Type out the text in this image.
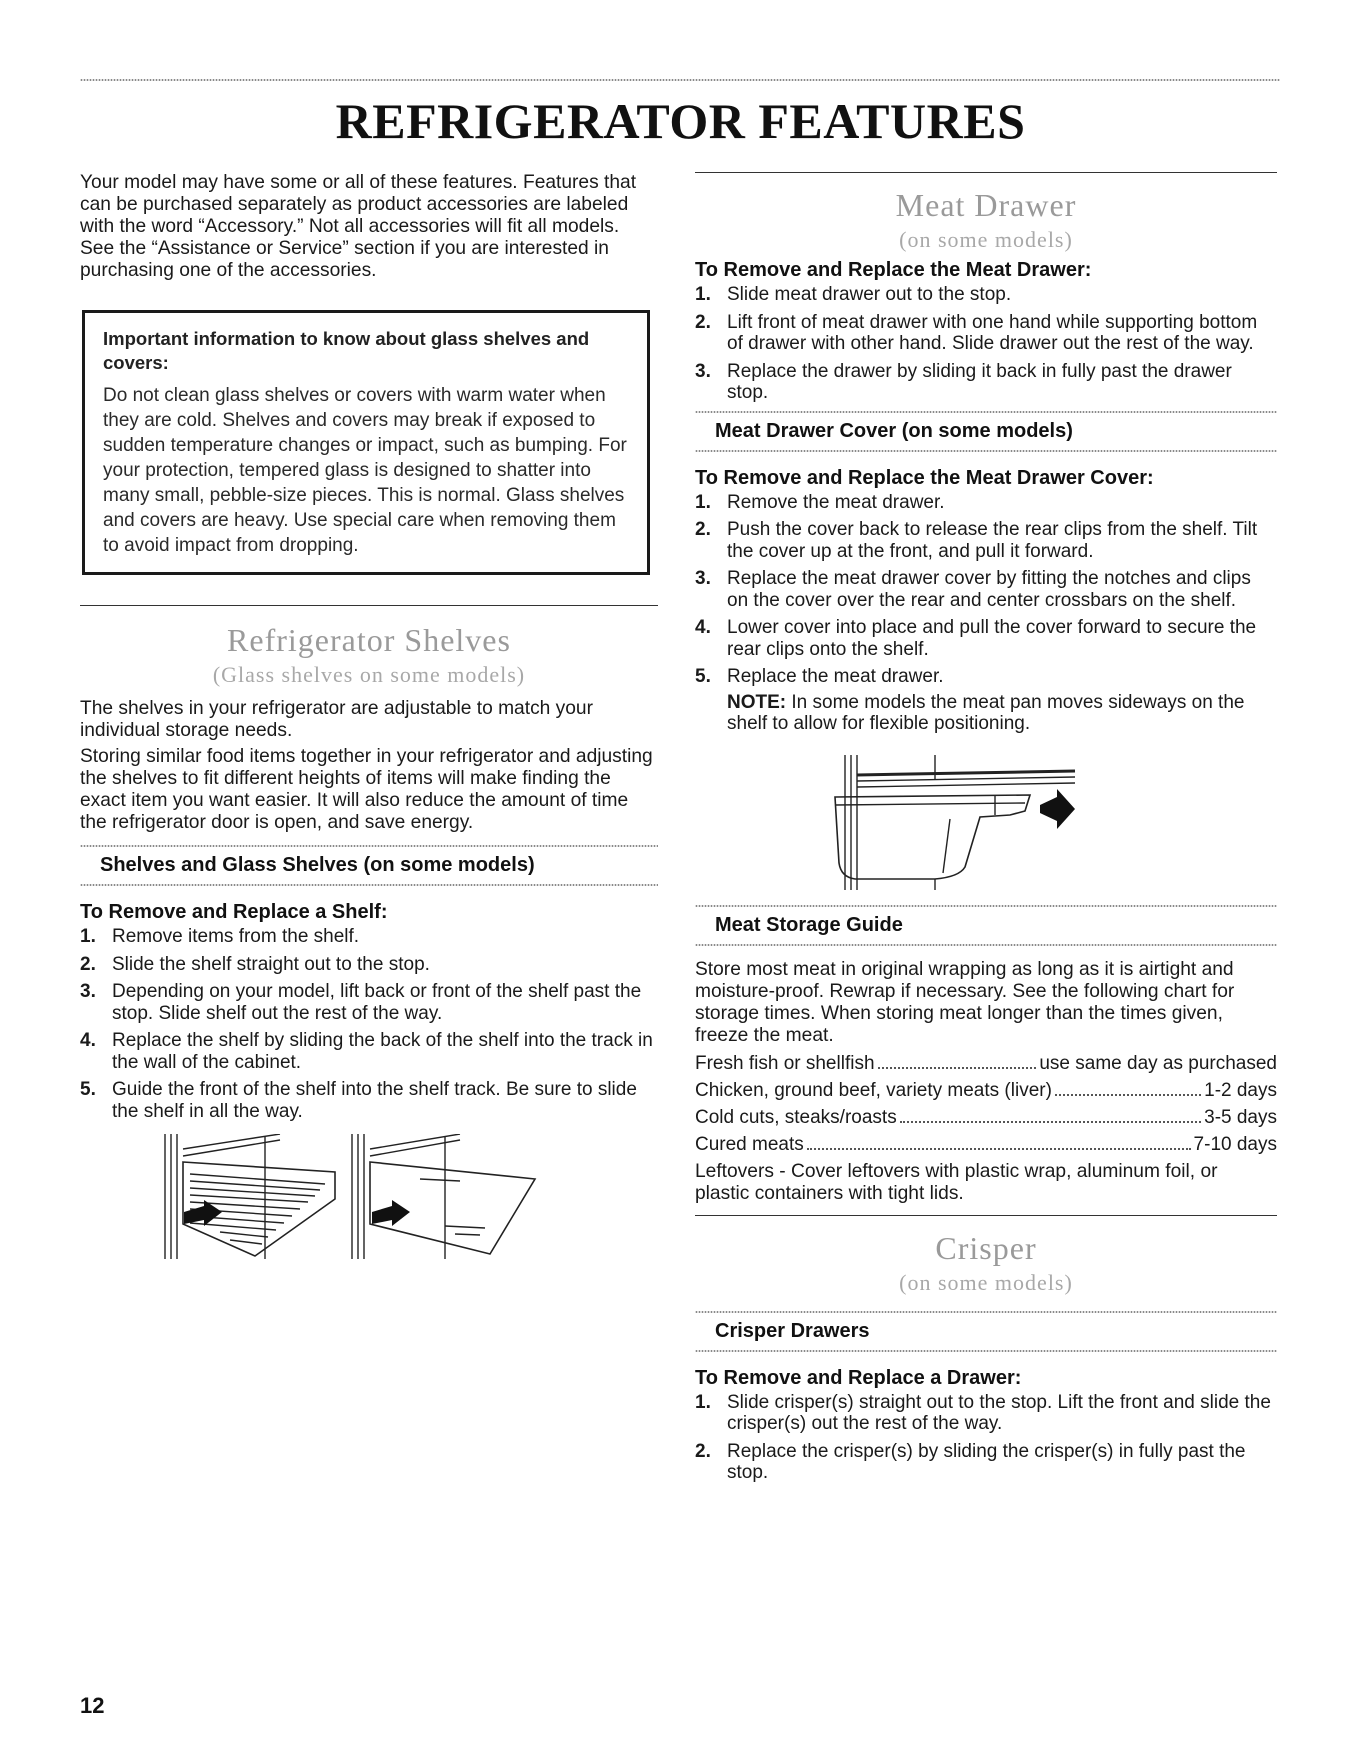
REFRIGERATOR FEATURES

Your model may have some or all of these features. Features that can be purchased separately as product accessories are labeled with the word “Accessory.” Not all accessories will fit all models. See the “Assistance or Service” section if you are interested in purchasing one of the accessories.

Important information to know about glass shelves and covers:
Do not clean glass shelves or covers with warm water when they are cold. Shelves and covers may break if exposed to sudden temperature changes or impact, such as bumping. For your protection, tempered glass is designed to shatter into many small, pebble-size pieces. This is normal. Glass shelves and covers are heavy. Use special care when removing them to avoid impact from dropping.
Refrigerator Shelves
(Glass shelves on some models)

The shelves in your refrigerator are adjustable to match your individual storage needs.

Storing similar food items together in your refrigerator and adjusting the shelves to fit different heights of items will make finding the exact item you want easier. It will also reduce the amount of time the refrigerator door is open, and save energy.

Shelves and Glass Shelves (on some models)
To Remove and Replace a Shelf:
1. Remove items from the shelf.
2. Slide the shelf straight out to the stop.
3. Depending on your model, lift back or front of the shelf past the stop. Slide shelf out the rest of the way.
4. Replace the shelf by sliding the back of the shelf into the track in the wall of the cabinet.
5. Guide the front of the shelf into the shelf track. Be sure to slide the shelf in all the way.
Meat Drawer
(on some models)
To Remove and Replace the Meat Drawer:
1. Slide meat drawer out to the stop.
2. Lift front of meat drawer with one hand while supporting bottom of drawer with other hand. Slide drawer out the rest of the way.
3. Replace the drawer by sliding it back in fully past the drawer stop.
Meat Drawer Cover (on some models)
To Remove and Replace the Meat Drawer Cover:
1. Remove the meat drawer.
2. Push the cover back to release the rear clips from the shelf. Tilt the cover up at the front, and pull it forward.
3. Replace the meat drawer cover by fitting the notches and clips on the cover over the rear and center crossbars on the shelf.
4. Lower cover into place and pull the cover forward to secure the rear clips onto the shelf.
5. Replace the meat drawer.
NOTE: In some models the meat pan moves sideways on the shelf to allow for flexible positioning.
Meat Storage Guide

Store most meat in original wrapping as long as it is airtight and moisture-proof. Rewrap if necessary. See the following chart for storage times. When storing meat longer than the times given, freeze the meat.

Fresh fish or shellfish	use same day as purchased
Chicken, ground beef, variety meats (liver)	1-2 days
Cold cuts, steaks/roasts	3-5 days
Cured meats	7-10 days

Leftovers - Cover leftovers with plastic wrap, aluminum foil, or plastic containers with tight lids.

Crisper
(on some models)
Crisper Drawers
To Remove and Replace a Drawer:
1. Slide crisper(s) straight out to the stop. Lift the front and slide the crisper(s) out the rest of the way.
2. Replace the crisper(s) by sliding the crisper(s) in fully past the stop.
12
